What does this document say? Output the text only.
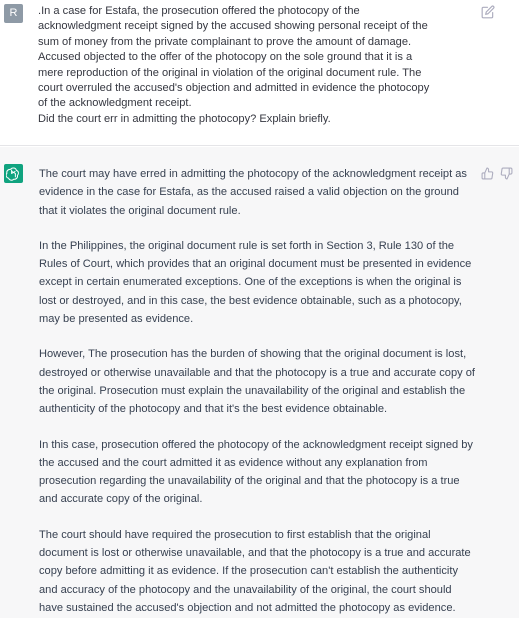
R	.In a case for Estafa, the prosecution offered the photocopy of the

acknowledgment receipt signed by the accused showing personal receipt of the

sum of money from the private complainant to prove the amount of damage.

Accused objected to the offer of the photocopy on the sole ground that it is a

mere reproduction of the original in violation of the original document rule. The

court overruled the accused's objection and admitted in evidence the photocopy

of the acknowledgment receipt.

Did the court err in admitting the photocopy? Explain briefly.

The court may have erred in admitting the photocopy of the acknowledgment receipt as evidence in the case for Estafa, as the accused raised a valid objection on the ground that it violates the original document rule.

In the Philippines, the original document rule is set forth in Section 3, Rule 130 of the Rules of Court, which provides that an original document must be presented in evidence except in certain enumerated exceptions. One of the exceptions is when the original is lost or destroyed, and in this case, the best evidence obtainable, such as a photocopy, may be presented as evidence.

However, The prosecution has the burden of showing that the original document is lost, destroyed or otherwise unavailable and that the photocopy is a true and accurate copy of the original. Prosecution must explain the unavailability of the original and establish the authenticity of the photocopy and that it's the best evidence obtainable.

In this case, prosecution offered the photocopy of the acknowledgment receipt signed by the accused and the court admitted it as evidence without any explanation from prosecution regarding the unavailability of the original and that the photocopy is a true and accurate copy of the original.

The court should have required the prosecution to first establish that the original document is lost or otherwise unavailable, and that the photocopy is a true and accurate copy before admitting it as evidence. If the prosecution can't establish the authenticity and accuracy of the photocopy and the unavailability of the original, the court should have sustained the accused's objection and not admitted the photocopy as evidence.
